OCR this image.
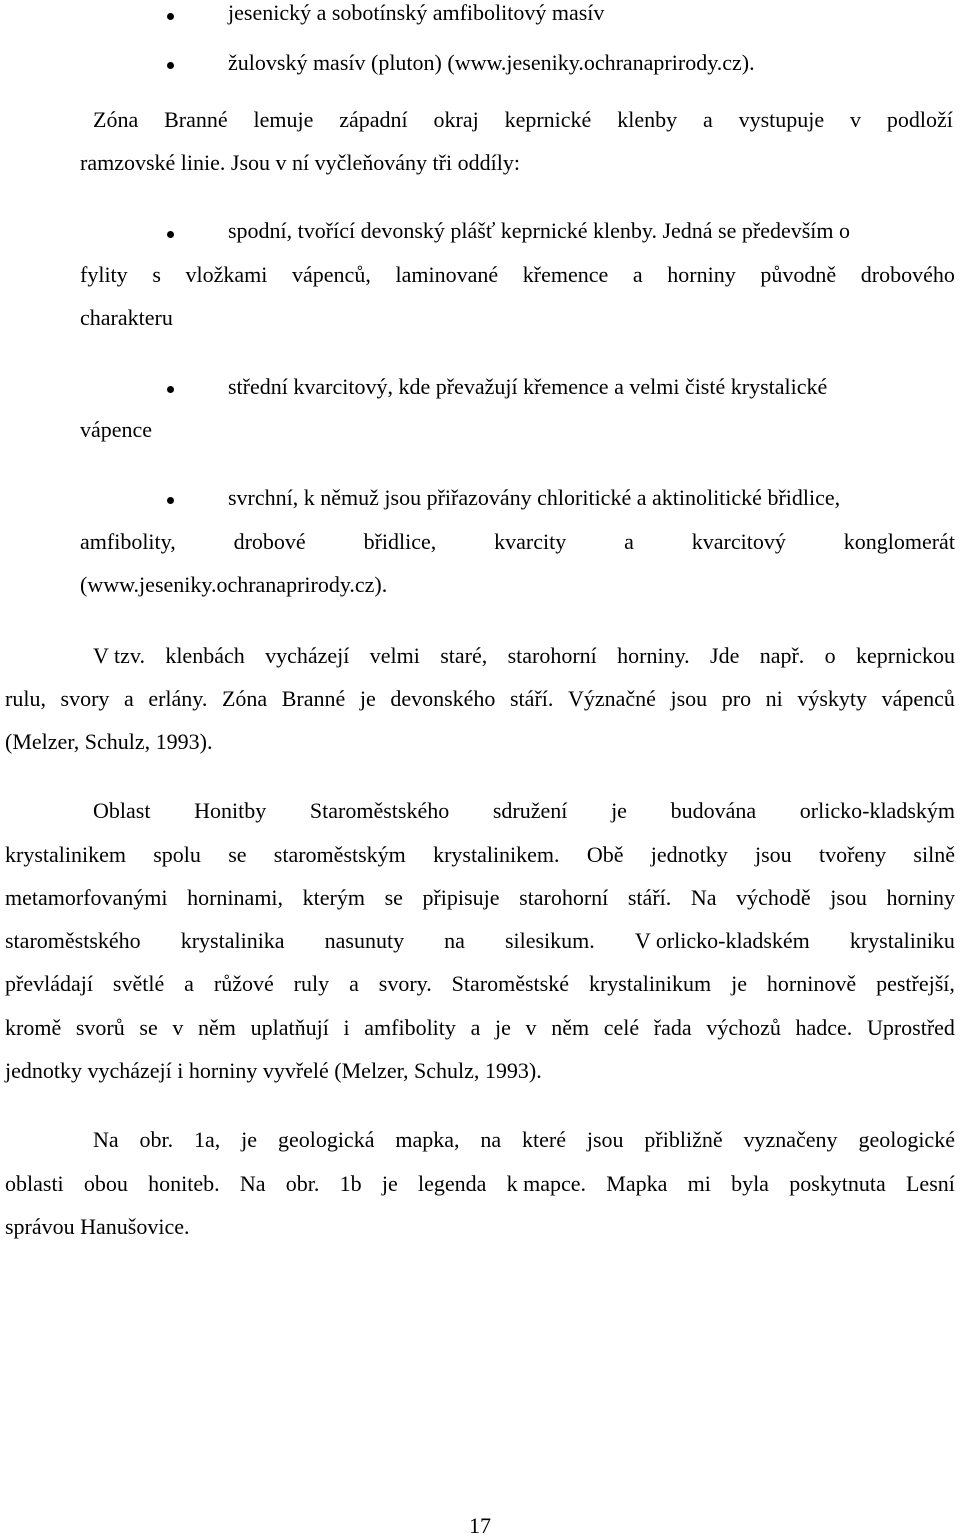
jesenický a sobotínský amfibolitový masív
žulovský masív (pluton) (www.jeseniky.ochranaprirody.cz).
Zóna Branné lemuje západní okraj keprnické klenby a vystupuje v podloží
ramzovské linie. Jsou v ní vyčleňovány tři oddíly:
spodní, tvořící devonský plášť keprnické klenby. Jedná se především o
fylity s vložkami vápenců, laminované křemence a horniny původně drobového
charakteru
střední kvarcitový, kde převažují křemence a velmi čisté krystalické
vápence
svrchní, k němuž jsou přiřazovány chloritické a aktinolitické břidlice,
amfibolity,	drobové	břidlice,	kvarcity	a	kvarcitový	konglomerát
(www.jeseniky.ochranaprirody.cz).
V tzv. klenbách vycházejí velmi staré, starohorní horniny. Jde např. o keprnickou
rulu, svory a erlány. Zóna Branné je devonského stáří. Význačné jsou pro ni výskyty vápenců
(Melzer, Schulz, 1993).
Oblast Honitby Staroměstského sdružení je budována orlicko-kladským
krystalinikem spolu se staroměstským krystalinikem. Obě jednotky jsou tvořeny silně
metamorfovanými horninami, kterým se připisuje starohorní stáří. Na východě jsou horniny
staroměstského krystalinika nasunuty na silesikum. V orlicko-kladském krystaliniku
převládají světlé a růžové ruly a svory. Staroměstské krystalinikum je horninově pestřejší,
kromě svorů se v něm uplatňují i amfibolity a je v něm celé řada výchozů hadce. Uprostřed
jednotky vycházejí i horniny vyvřelé (Melzer, Schulz, 1993).
Na obr. 1a, je geologická mapka, na které jsou přibližně vyznačeny geologické
oblasti obou honiteb. Na obr. 1b je legenda k mapce. Mapka mi byla poskytnuta Lesní
správou Hanušovice.
17
